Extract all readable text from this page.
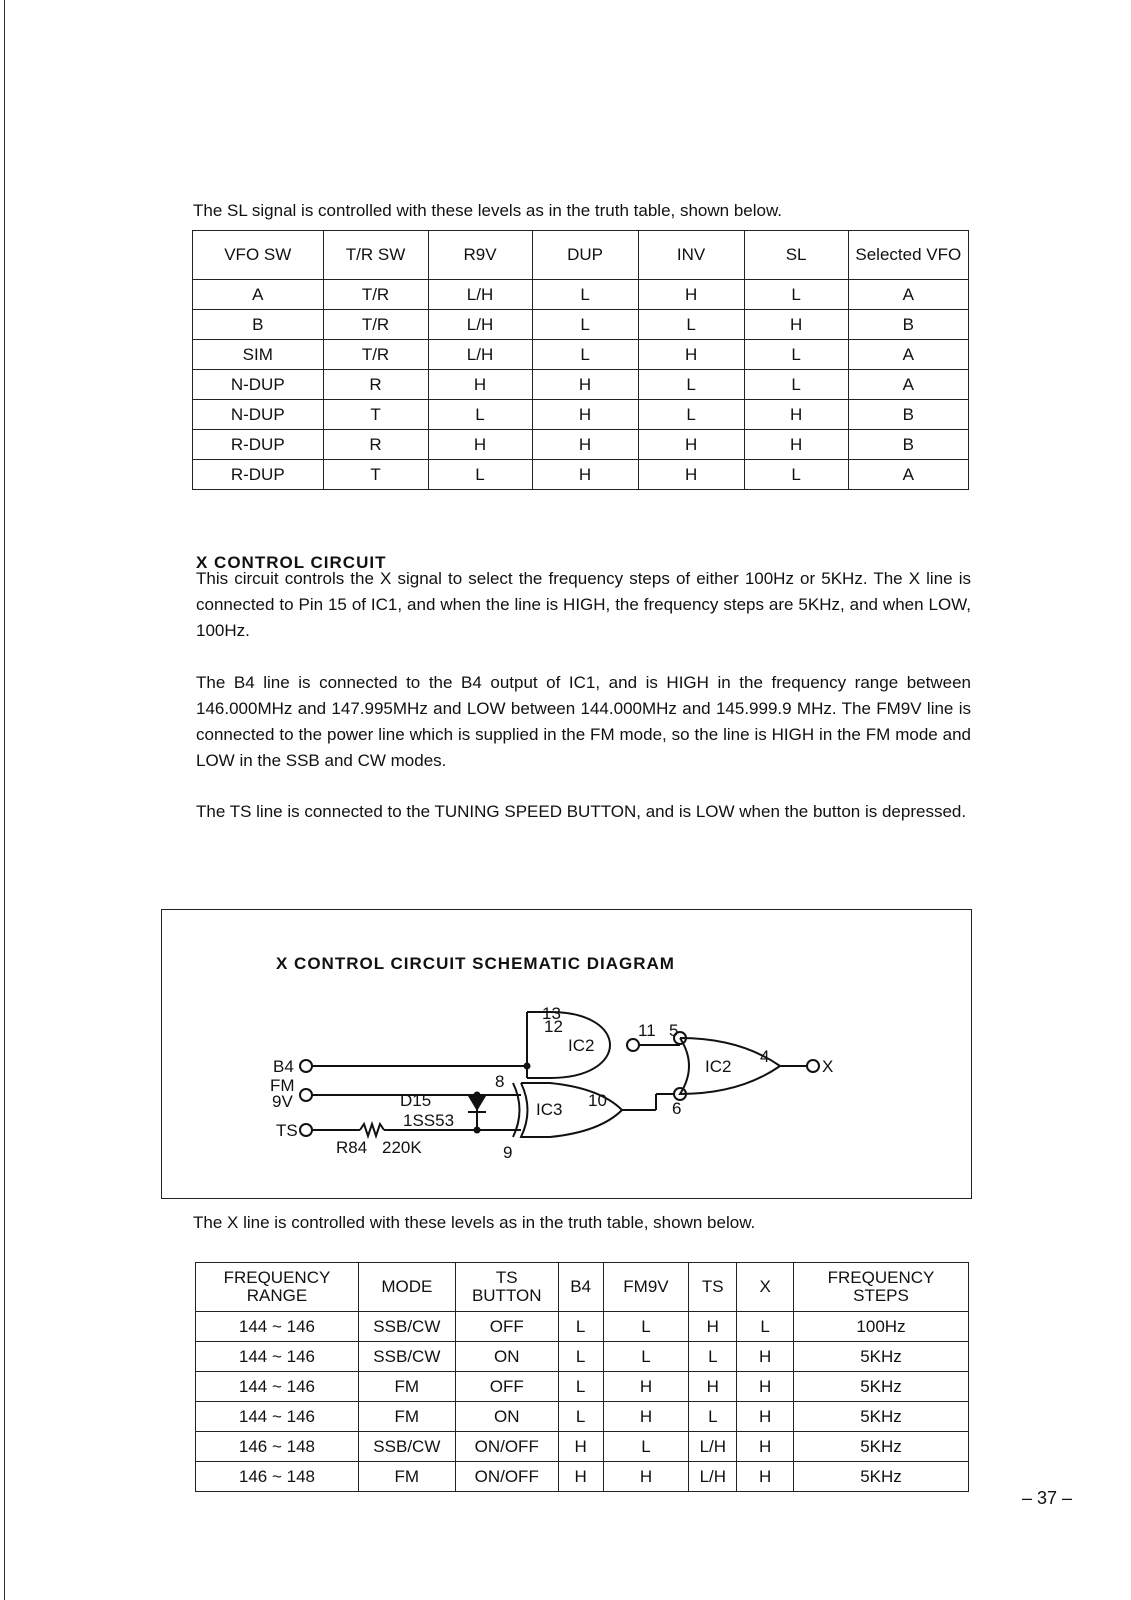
The SL signal is controlled with these levels as in the truth table, shown below.

VFO SW	T/R SW	R9V	DUP	INV	SL	Selected VFO
A	T/R	L/H	L	H	L	A
B	T/R	L/H	L	L	H	B
SIM	T/R	L/H	L	H	L	A
N-DUP	R	H	H	L	L	A
N-DUP	T	L	H	L	H	B
R-DUP	R	H	H	H	H	B
R-DUP	T	L	H	H	L	A
X CONTROL CIRCUIT

This circuit controls the X signal to select the frequency steps of either 100Hz or 5KHz. The X line is connected to Pin 15 of IC1, and when the line is HIGH, the frequency steps are 5KHz, and when LOW, 100Hz.

The B4 line is connected to the B4 output of IC1, and is HIGH in the frequency range between 146.000MHz and 147.995MHz and LOW between 144.000MHz and 145.999.9 MHz. The FM9V line is connected to the power line which is supplied in the FM mode, so the line is HIGH in the FM mode and LOW in the SSB and CW modes.

The TS line is connected to the TUNING SPEED BUTTON, and is LOW when the button is depressed.

X CONTROL CIRCUIT SCHEMATIC DIAGRAM
B4
FM
9V
TS
X
D15
1SS53
R84 220K
IC2
IC2
IC3
13
12	11 5
4
8
10	6
9

The X line is controlled with these levels as in the truth table, shown below.

FREQUENCY RANGE	MODE	TS BUTTON	B4	FM9V	TS	X	FREQUENCY STEPS
144 ~ 146	SSB/CW	OFF	L	L	H	L	100Hz
144 ~ 146	SSB/CW	ON	L	L	L	H	5KHz
144 ~ 146	FM	OFF	L	H	H	H	5KHz
144 ~ 146	FM	ON	L	H	L	H	5KHz
146 ~ 148	SSB/CW	ON/OFF	H	L	L/H	H	5KHz
146 ~ 148	FM	ON/OFF	H	H	L/H	H	5KHz
– 37 –
